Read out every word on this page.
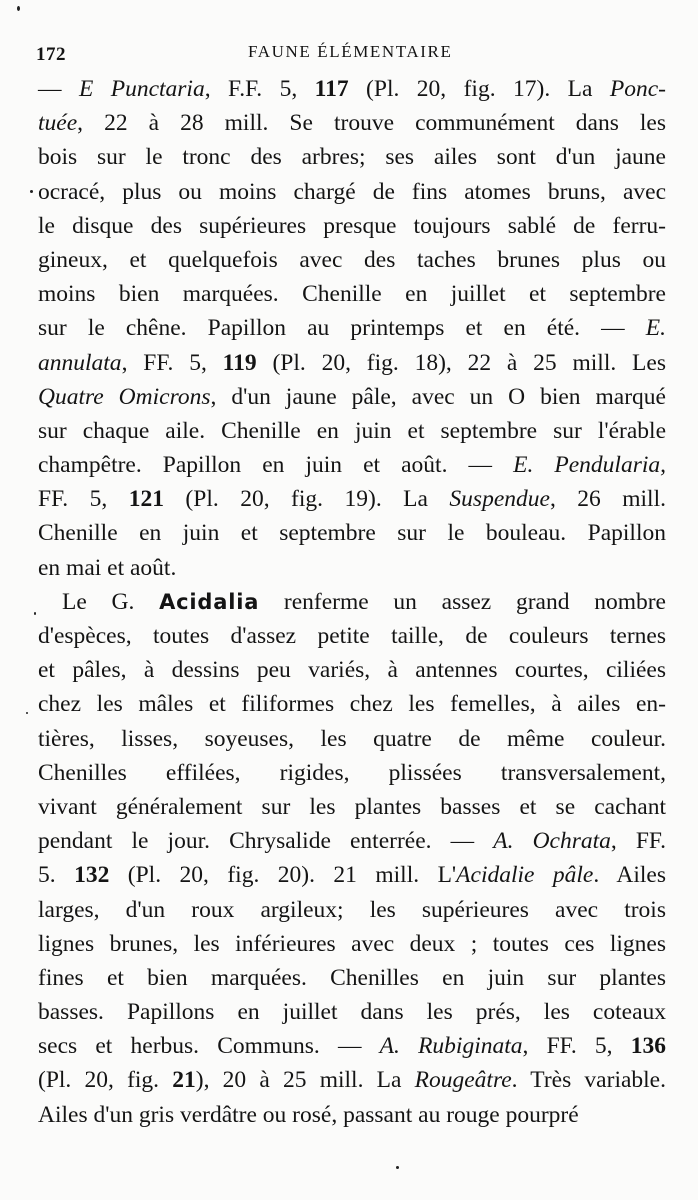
172	FAUNE ÉLÉMENTAIRE
— E Punctaria, F.F. 5, 117 (Pl. 20, fig. 17). La Ponc-
tuée, 22 à 28 mill. Se trouve communément dans les
bois sur le tronc des arbres; ses ailes sont d'un jaune
ocracé, plus ou moins chargé de fins atomes bruns, avec
le disque des supérieures presque toujours sablé de ferru-
gineux, et quelquefois avec des taches brunes plus ou
moins bien marquées. Chenille en juillet et septembre
sur le chêne. Papillon au printemps et en été. — E.
annulata, FF. 5, 119 (Pl. 20, fig. 18), 22 à 25 mill. Les
Quatre Omicrons, d'un jaune pâle, avec un O bien marqué
sur chaque aile. Chenille en juin et septembre sur l'érable
champêtre. Papillon en juin et août. — E. Pendularia,
FF. 5, 121 (Pl. 20, fig. 19). La Suspendue, 26 mill.
Chenille en juin et septembre sur le bouleau. Papillon
en mai et août.
Le G. Acidalia renferme un assez grand nombre
d'espèces, toutes d'assez petite taille, de couleurs ternes
et pâles, à dessins peu variés, à antennes courtes, ciliées
chez les mâles et filiformes chez les femelles, à ailes en-
tières, lisses, soyeuses, les quatre de même couleur.
Chenilles effilées, rigides, plissées transversalement,
vivant généralement sur les plantes basses et se cachant
pendant le jour. Chrysalide enterrée. — A. Ochrata, FF.
5. 132 (Pl. 20, fig. 20). 21 mill. L'Acidalie pâle. Ailes
larges, d'un roux argileux; les supérieures avec trois
lignes brunes, les inférieures avec deux ; toutes ces lignes
fines et bien marquées. Chenilles en juin sur plantes
basses. Papillons en juillet dans les prés, les coteaux
secs et herbus. Communs. — A. Rubiginata, FF. 5, 136
(Pl. 20, fig. 21), 20 à 25 mill. La Rougeâtre. Très variable.
Ailes d'un gris verdâtre ou rosé, passant au rouge pourpré
